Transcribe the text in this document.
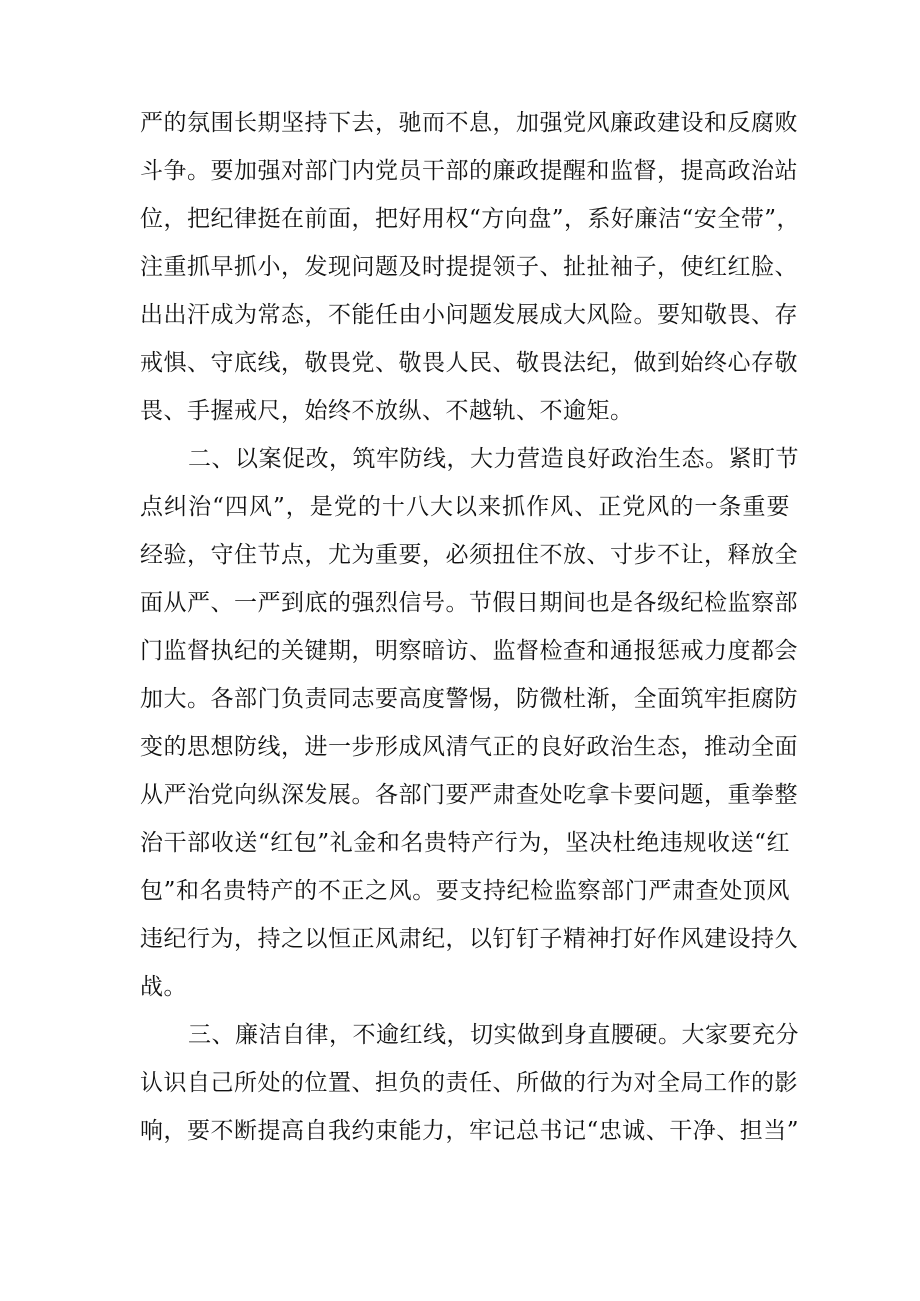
严的氛围长期坚持下去，驰而不息，加强党风廉政建设和反腐败
斗争。要加强对部门内党员干部的廉政提醒和监督，提高政治站
位，把纪律挺在前面，把好用权“方向盘”，系好廉洁“安全带”，
注重抓早抓小，发现问题及时提提领子、扯扯袖子，使红红脸、
出出汗成为常态，不能任由小问题发展成大风险。要知敬畏、存
戒惧、守底线，敬畏党、敬畏人民、敬畏法纪，做到始终心存敬
畏、手握戒尺，始终不放纵、不越轨、不逾矩。
二、以案促改，筑牢防线，大力营造良好政治生态。紧盯节
点纠治“四风”，是党的十八大以来抓作风、正党风的一条重要
经验，守住节点，尤为重要，必须扭住不放、寸步不让，释放全
面从严、一严到底的强烈信号。节假日期间也是各级纪检监察部
门监督执纪的关键期，明察暗访、监督检查和通报惩戒力度都会
加大。各部门负责同志要高度警惕，防微杜渐，全面筑牢拒腐防
变的思想防线，进一步形成风清气正的良好政治生态，推动全面
从严治党向纵深发展。各部门要严肃查处吃拿卡要问题，重拳整
治干部收送“红包”礼金和名贵特产行为，坚决杜绝违规收送“红
包”和名贵特产的不正之风。要支持纪检监察部门严肃查处顶风
违纪行为，持之以恒正风肃纪，以钉钉子精神打好作风建设持久
战。
三、廉洁自律，不逾红线，切实做到身直腰硬。大家要充分
认识自己所处的位置、担负的责任、所做的行为对全局工作的影
响，要不断提高自我约束能力，牢记总书记“忠诚、干净、担当”
